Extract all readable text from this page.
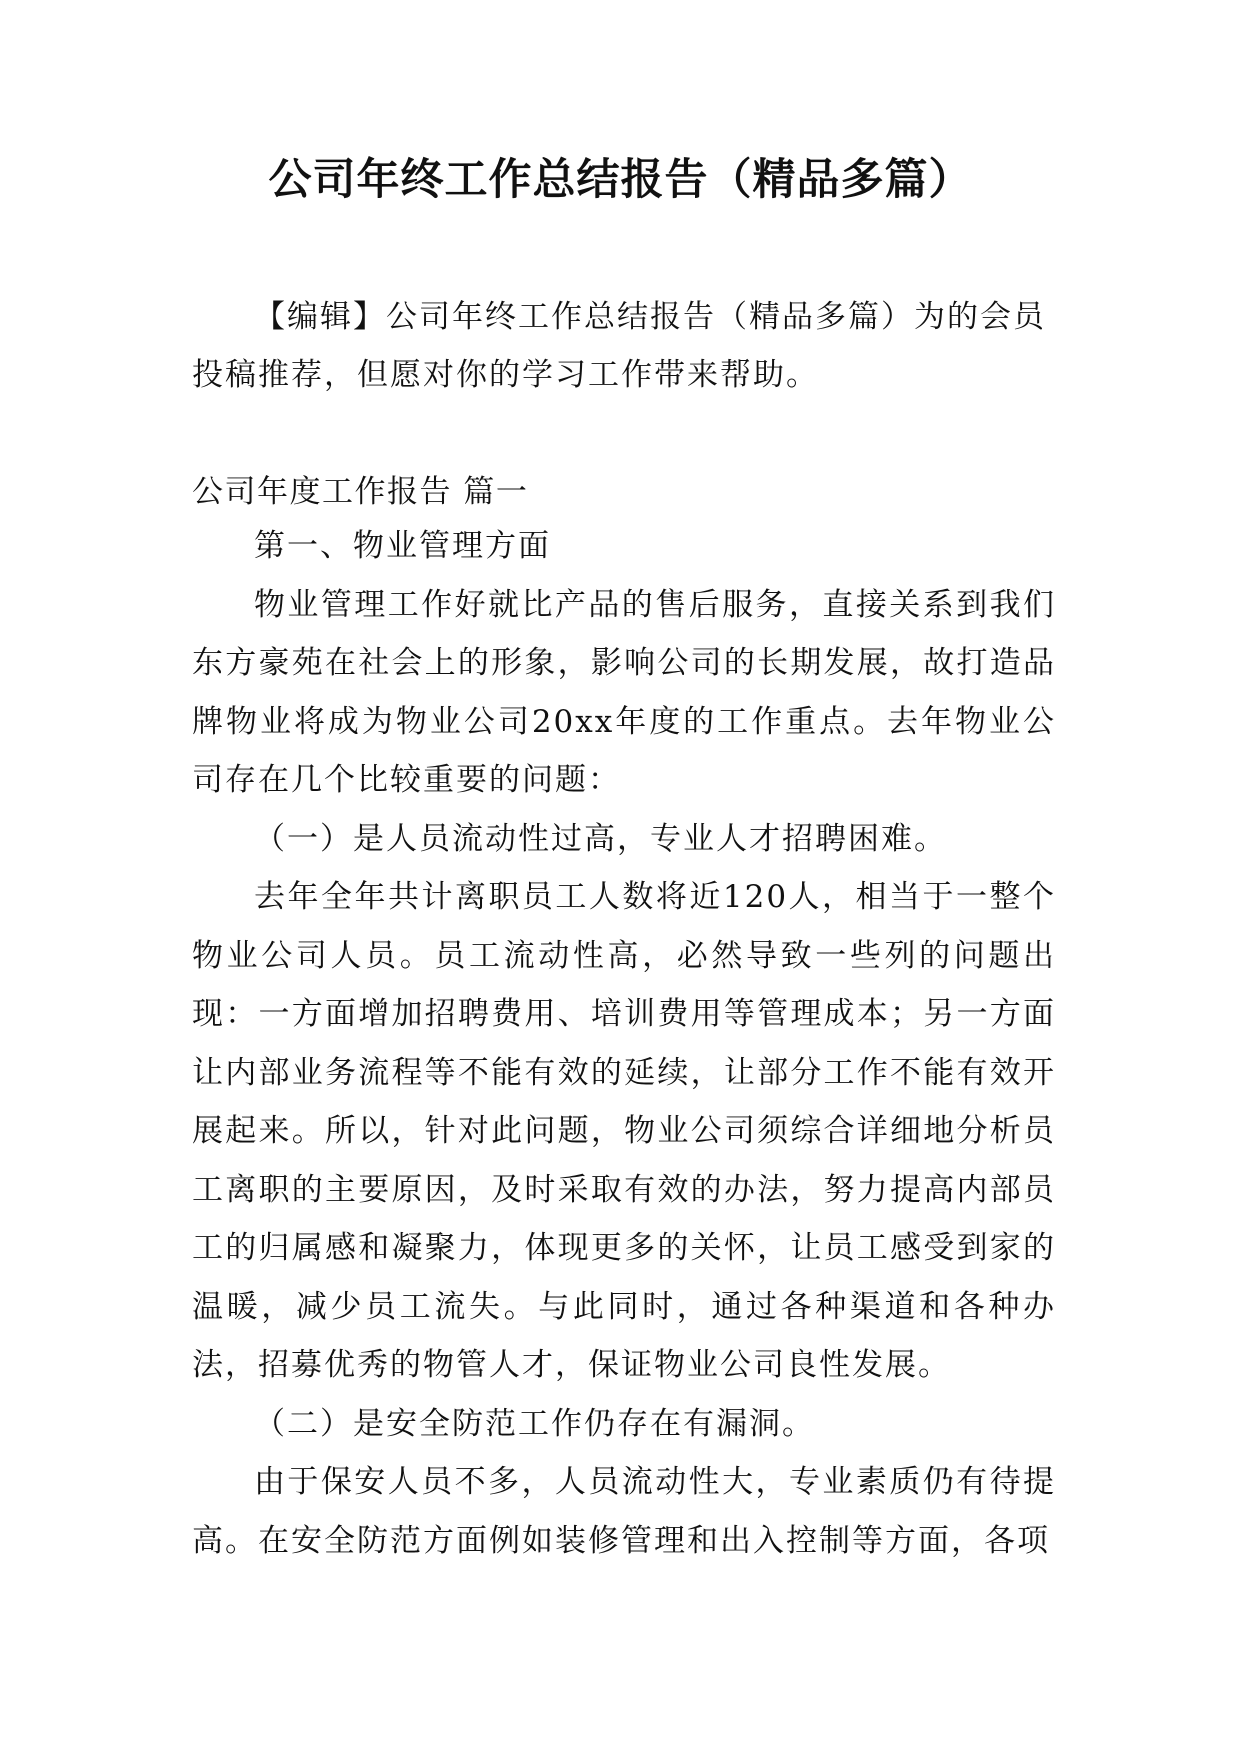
公司年终工作总结报告（精品多篇）

【编辑】公司年终工作总结报告（精品多篇）为的会员投稿推荐，但愿对你的学习工作带来帮助。

公司年度工作报告 篇一

第一、物业管理方面

物业管理工作好就比产品的售后服务，直接关系到我们东方豪苑在社会上的形象，影响公司的长期发展，故打造品牌物业将成为物业公司20xx年度的工作重点。去年物业公司存在几个比较重要的问题：

（一）是人员流动性过高，专业人才招聘困难。

去年全年共计离职员工人数将近120人，相当于一整个物业公司人员。员工流动性高，必然导致一些列的问题出现：一方面增加招聘费用、培训费用等管理成本；另一方面让内部业务流程等不能有效的延续，让部分工作不能有效开展起来。所以，针对此问题，物业公司须综合详细地分析员工离职的主要原因，及时采取有效的办法，努力提高内部员工的归属感和凝聚力，体现更多的关怀，让员工感受到家的温暖，减少员工流失。与此同时，通过各种渠道和各种办法，招募优秀的物管人才，保证物业公司良性发展。

（二）是安全防范工作仍存在有漏洞。

由于保安人员不多，人员流动性大，专业素质仍有待提高。在安全防范方面例如装修管理和出入控制等方面，各项
